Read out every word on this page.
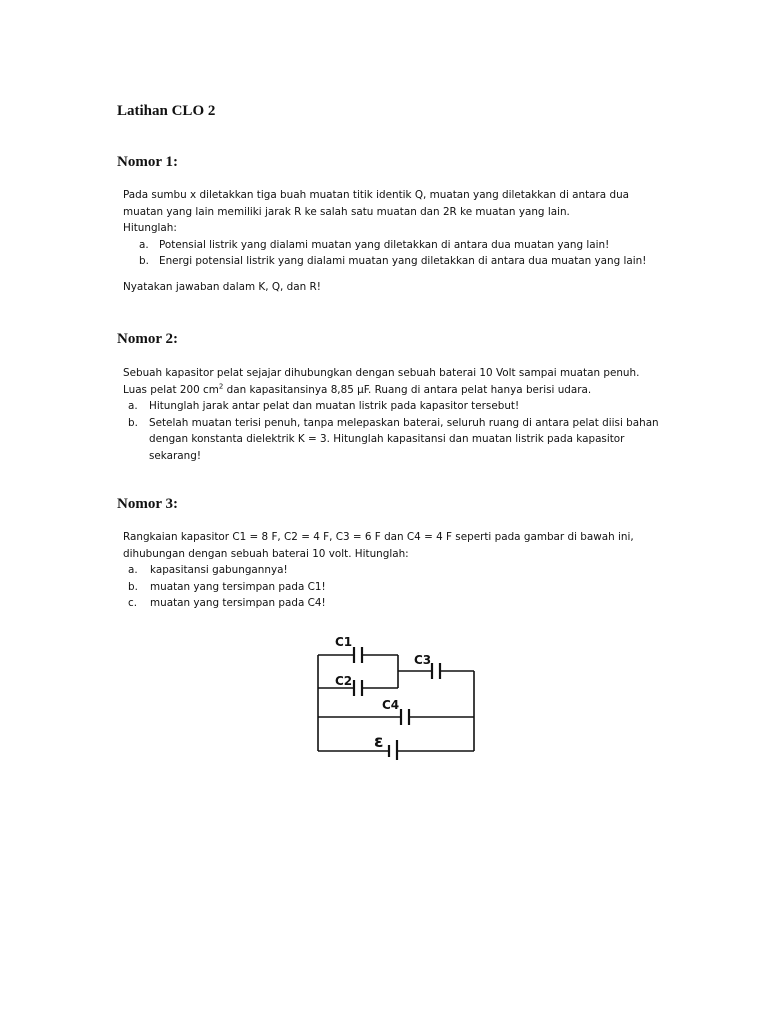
Latihan CLO 2
Nomor 1:

Pada sumbu x diletakkan tiga buah muatan titik identik Q, muatan yang diletakkan di antara dua muatan yang lain memiliki jarak R ke salah satu muatan dan 2R ke muatan yang lain.

Hitunglah:

a. Potensial listrik yang dialami muatan yang diletakkan di antara dua muatan yang lain!
b. Energi potensial listrik yang dialami muatan yang diletakkan di antara dua muatan yang lain!

Nyatakan jawaban dalam K, Q, dan R!

Nomor 2:

Sebuah kapasitor pelat sejajar dihubungkan dengan sebuah baterai 10 Volt sampai muatan penuh.

Luas pelat 200 $cm^2$ dan kapasitansinya 8,85 µF. Ruang di antara pelat hanya berisi udara.

a. Hitunglah jarak antar pelat dan muatan listrik pada kapasitor tersebut!
b. Setelah muatan terisi penuh, tanpa melepaskan baterai, seluruh ruang di antara pelat diisi bahan dengan konstanta dielektrik K = 3. Hitunglah kapasitansi dan muatan listrik pada kapasitor sekarang!
Nomor 3:

Rangkaian kapasitor C1 = 8 F, C2 = 4 F, C3 = 6 F dan C4 = 4 F seperti pada gambar di bawah ini, dihubungan dengan sebuah baterai 10 volt. Hitunglah:

a. kapasitansi gabungannya!
b. muatan yang tersimpan pada C1!
c. muatan yang tersimpan pada C4!
C1
C2
C3
C4
ε
